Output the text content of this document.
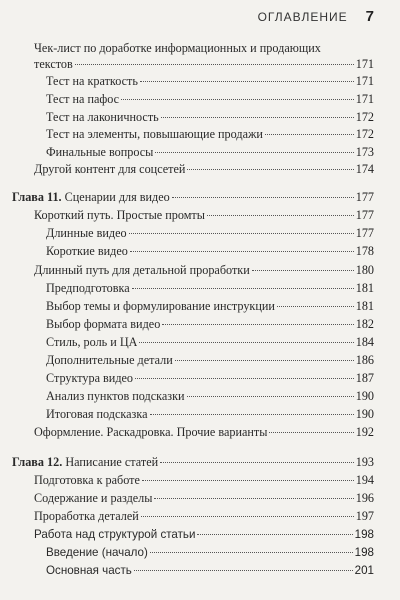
ОГЛАВЛЕНИЕ 7
Чек-лист по доработке информационных и продающих
текстов	171
Тест на краткость	171
Тест на пафос	171
Тест на лаконичность	172
Тест на элементы, повышающие продажи	172
Финальные вопросы	173
Другой контент для соцсетей	174
Глава 11. Сценарии для видео	177
Короткий путь. Простые промты	177
Длинные видео	177
Короткие видео	178
Длинный путь для детальной проработки	180
Предподготовка	181
Выбор темы и формулирование инструкции	181
Выбор формата видео	182
Стиль, роль и ЦА	184
Дополнительные детали	186
Структура видео	187
Анализ пунктов подсказки	190
Итоговая подсказка	190
Оформление. Раскадровка. Прочие варианты	192
Глава 12. Написание статей	193
Подготовка к работе	194
Содержание и разделы	196
Проработка деталей	197
Работа над структурой статьи	198
Введение (начало)	198
Основная часть	201
